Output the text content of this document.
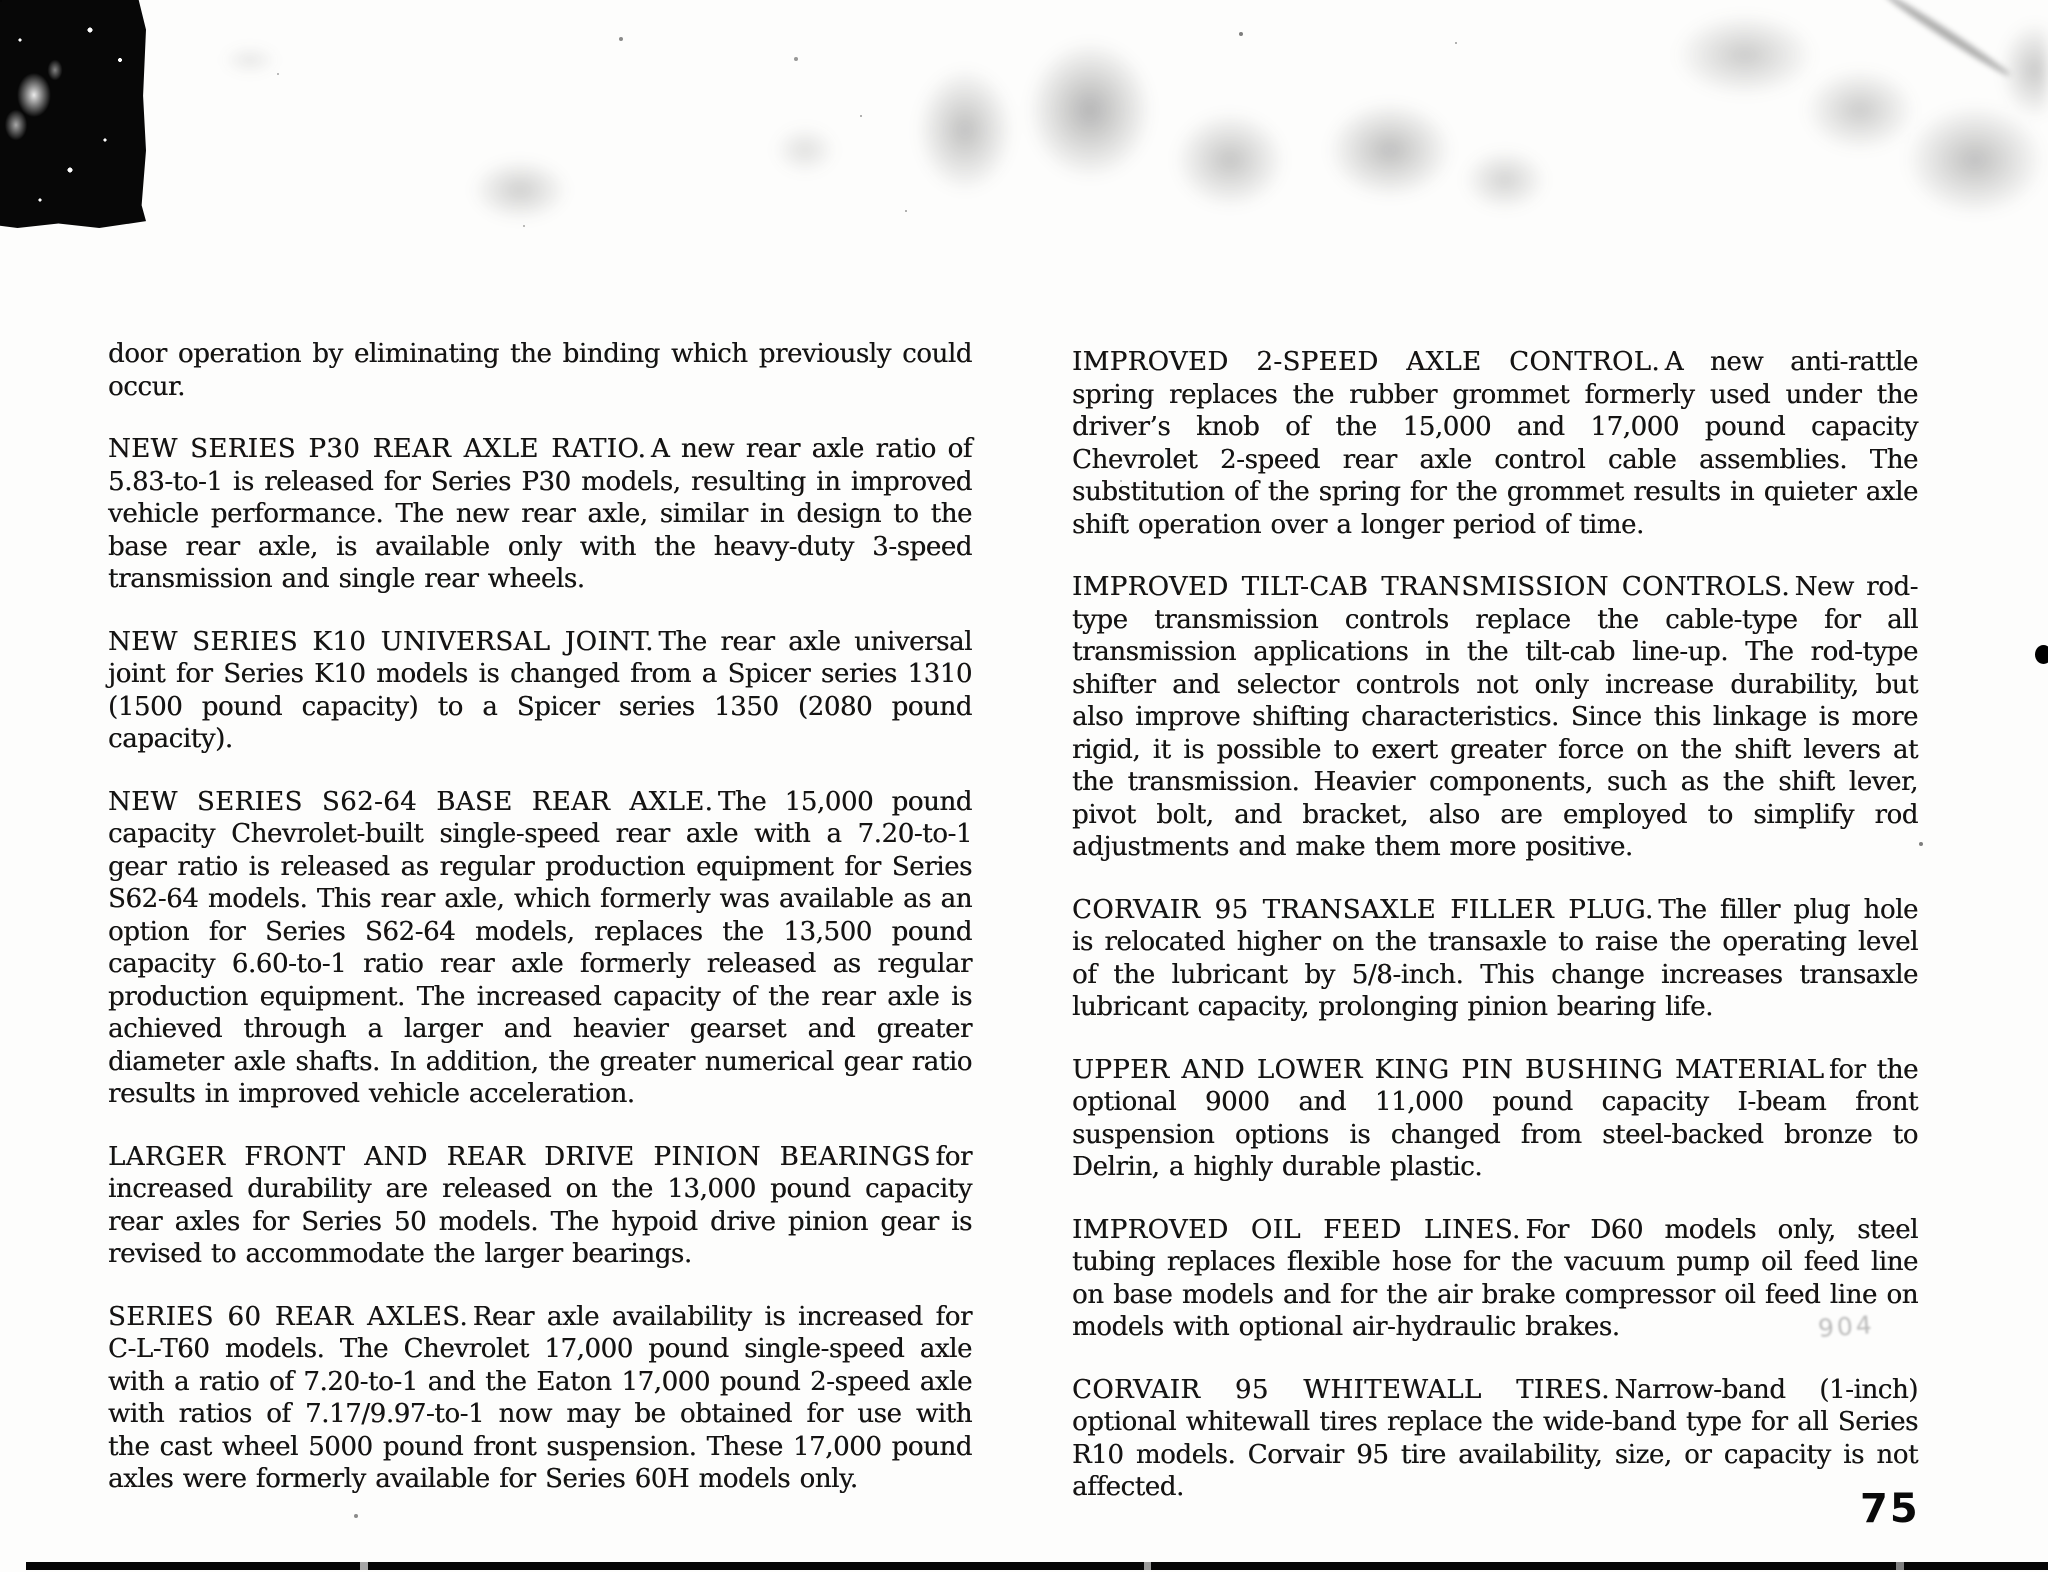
door operation by eliminating the binding which previously could occur.

NEW SERIES P30 REAR AXLE RATIO. A new rear axle ratio of 5.83-to-1 is released for Series P30 models, resulting in improved vehicle performance. The new rear axle, similar in design to the base rear axle, is available only with the heavy-duty 3-speed transmission and single rear wheels.

NEW SERIES K10 UNIVERSAL JOINT. The rear axle universal joint for Series K10 models is changed from a Spicer series 1310 (1500 pound capacity) to a Spicer series 1350 (2080 pound capacity).

NEW SERIES S62-64 BASE REAR AXLE. The 15,000 pound capacity Chevrolet-built single-speed rear axle with a 7.20-to-1 gear ratio is released as regular production equipment for Series S62-64 models. This rear axle, which formerly was available as an option for Series S62-64 models, replaces the 13,500 pound capacity 6.60-to-1 ratio rear axle formerly released as regular production equipment. The increased capacity of the rear axle is achieved through a larger and heavier gearset and greater diameter axle shafts. In addition, the greater numerical gear ratio results in improved vehicle acceleration.

LARGER FRONT AND REAR DRIVE PINION BEARINGS for increased durability are released on the 13,000 pound capacity rear axles for Series 50 models. The hypoid drive pinion gear is revised to accommodate the larger bearings.

SERIES 60 REAR AXLES. Rear axle availability is increased for C-L-T60 models. The Chevrolet 17,000 pound single-speed axle with a ratio of 7.20-to-1 and the Eaton 17,000 pound 2-speed axle with ratios of 7.17/9.97-to-1 now may be obtained for use with the cast wheel 5000 pound front suspension. These 17,000 pound axles were formerly available for Series 60H models only.

IMPROVED 2-SPEED AXLE CONTROL. A new anti-rattle spring replaces the rubber grommet formerly used under the driver’s knob of the 15,000 and 17,000 pound capacity Chevrolet 2-speed rear axle control cable assemblies. The substitution of the spring for the grommet results in quieter axle shift operation over a longer period of time.

IMPROVED TILT-CAB TRANSMISSION CONTROLS. New rod-type transmission controls replace the cable-type for all transmission applications in the tilt-cab line-up. The rod-type shifter and selector controls not only increase durability, but also improve shifting characteristics. Since this linkage is more rigid, it is possible to exert greater force on the shift levers at the transmission. Heavier components, such as the shift lever, pivot bolt, and bracket, also are employed to simplify rod adjustments and make them more positive.

CORVAIR 95 TRANSAXLE FILLER PLUG. The filler plug hole is relocated higher on the transaxle to raise the operating level of the lubricant by 5/8-inch. This change increases transaxle lubricant capacity, prolonging pinion bearing life.

UPPER AND LOWER KING PIN BUSHING MATERIAL for the optional 9000 and 11,000 pound capacity I-beam front suspension options is changed from steel-backed bronze to Delrin, a highly durable plastic.

IMPROVED OIL FEED LINES. For D60 models only, steel tubing replaces flexible hose for the vacuum pump oil feed line on base models and for the air brake compressor oil feed line on models with optional air-hydraulic brakes.

CORVAIR 95 WHITEWALL TIRES. Narrow-band (1-inch) optional whitewall tires replace the wide-band type for all Series R10 models. Corvair 95 tire availability, size, or capacity is not affected.

904
75
